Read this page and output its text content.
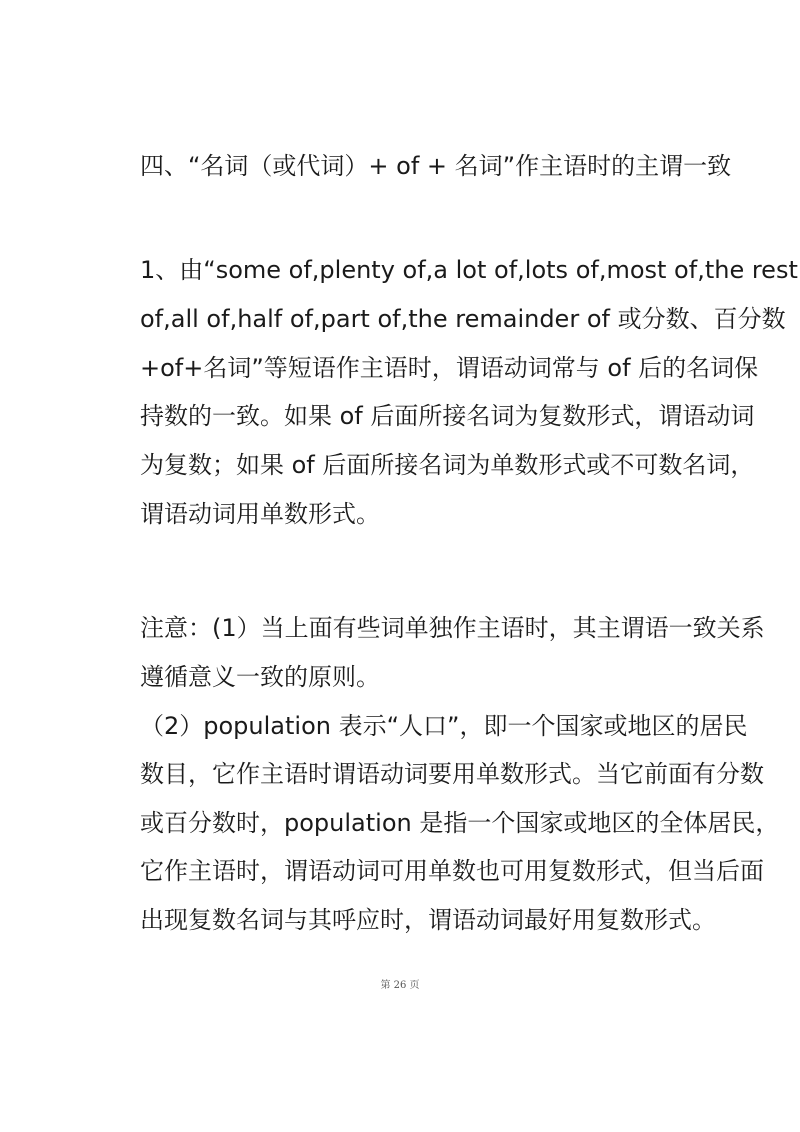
四、“名词（或代词）+ of + 名词”作主语时的主谓一致
1、由“some of,plenty of,a lot of,lots of,most of,the rest
of,all of,half of,part of,the remainder of 或分数、百分数
+of+名词”等短语作主语时，谓语动词常与 of 后的名词保
持数的一致。如果 of 后面所接名词为复数形式，谓语动词
为复数；如果 of 后面所接名词为单数形式或不可数名词，
谓语动词用单数形式。
注意：(1）当上面有些词单独作主语时，其主谓语一致关系
遵循意义一致的原则。
（2）population 表示“人口”，即一个国家或地区的居民
数目，它作主语时谓语动词要用单数形式。当它前面有分数
或百分数时，population 是指一个国家或地区的全体居民，
它作主语时，谓语动词可用单数也可用复数形式，但当后面
出现复数名词与其呼应时，谓语动词最好用复数形式。
第 26 页
